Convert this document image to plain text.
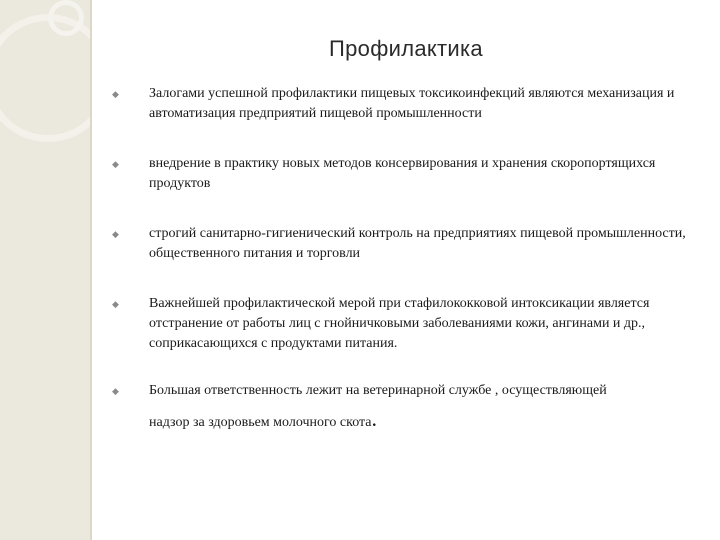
Профилактика
◆ Залогами успешной профилактики пищевых токсикоинфекций являются механизация и автоматизация предприятий пищевой промышленности
◆ внедрение в практику новых методов консервирования и хранения скоропортящихся продуктов
◆ строгий санитарно-гигиенический контроль на предприятиях пищевой промышленности, общественного питания и торговли
◆ Важнейшей профилактической мерой при стафилококковой интоксикации является отстранение от работы лиц с гнойничковыми заболеваниями кожи, ангинами и др., соприкасающихся с продуктами питания.
◆ Большая ответственность лежит на ветеринарной службе , осуществляющей
надзор за здоровьем молочного скота.
